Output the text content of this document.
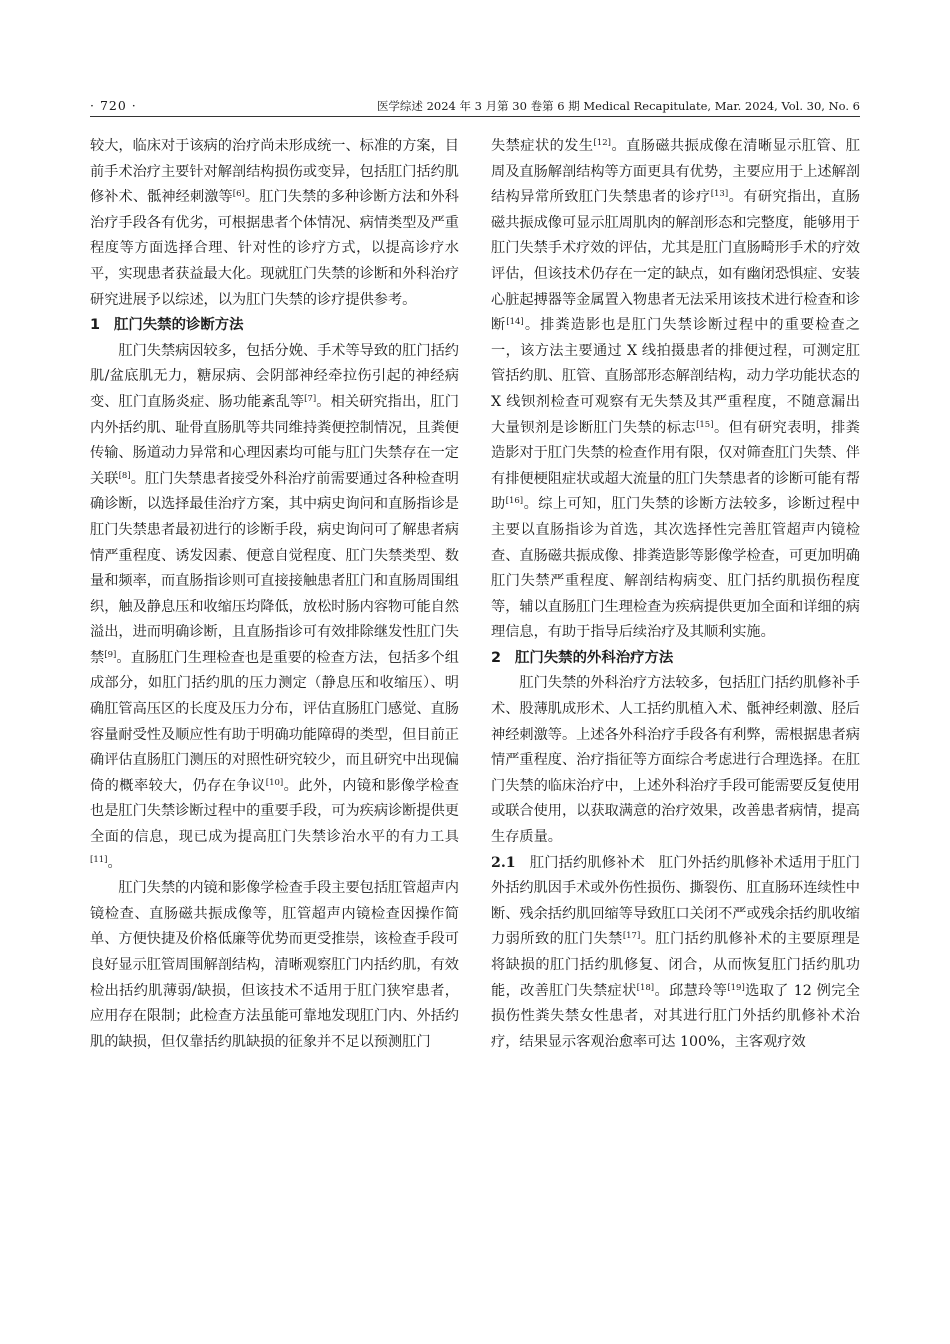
· 720 ·	医学综述 2024 年 3 月第 30 卷第 6 期 Medical Recapitulate, Mar. 2024, Vol. 30, No. 6

较大，临床对于该病的治疗尚未形成统一、标准的方案，目前手术治疗主要针对解剖结构损伤或变异，包括肛门括约肌修补术、骶神经刺激等[6]。肛门失禁的多种诊断方法和外科治疗手段各有优劣，可根据患者个体情况、病情类型及严重程度等方面选择合理、针对性的诊疗方式，以提高诊疗水平，实现患者获益最大化。现就肛门失禁的诊断和外科治疗研究进展予以综述，以为肛门失禁的诊疗提供参考。

1 肛门失禁的诊断方法

肛门失禁病因较多，包括分娩、手术等导致的肛门括约肌/盆底肌无力，糖尿病、会阴部神经牵拉伤引起的神经病变、肛门直肠炎症、肠功能紊乱等[7]。相关研究指出，肛门内外括约肌、耻骨直肠肌等共同维持粪便控制情况，且粪便传输、肠道动力异常和心理因素均可能与肛门失禁存在一定关联[8]。肛门失禁患者接受外科治疗前需要通过各种检查明确诊断，以选择最佳治疗方案，其中病史询问和直肠指诊是肛门失禁患者最初进行的诊断手段，病史询问可了解患者病情严重程度、诱发因素、便意自觉程度、肛门失禁类型、数量和频率，而直肠指诊则可直接接触患者肛门和直肠周围组织，触及静息压和收缩压均降低，放松时肠内容物可能自然溢出，进而明确诊断，且直肠指诊可有效排除继发性肛门失禁[9]。直肠肛门生理检查也是重要的检查方法，包括多个组成部分，如肛门括约肌的压力测定（静息压和收缩压）、明确肛管高压区的长度及压力分布，评估直肠肛门感觉、直肠容量耐受性及顺应性有助于明确功能障碍的类型，但目前正确评估直肠肛门测压的对照性研究较少，而且研究中出现偏倚的概率较大，仍存在争议[10]。此外，内镜和影像学检查也是肛门失禁诊断过程中的重要手段，可为疾病诊断提供更全面的信息，现已成为提高肛门失禁诊治水平的有力工具[11]。

肛门失禁的内镜和影像学检查手段主要包括肛管超声内镜检查、直肠磁共振成像等，肛管超声内镜检查因操作简单、方便快捷及价格低廉等优势而更受推崇，该检查手段可良好显示肛管周围解剖结构，清晰观察肛门内括约肌，有效检出括约肌薄弱/缺损，但该技术不适用于肛门狭窄患者，应用存在限制；此检查方法虽能可靠地发现肛门内、外括约肌的缺损，但仅靠括约肌缺损的征象并不足以预测肛门

失禁症状的发生[12]。直肠磁共振成像在清晰显示肛管、肛周及直肠解剖结构等方面更具有优势，主要应用于上述解剖结构异常所致肛门失禁患者的诊疗[13]。有研究指出，直肠磁共振成像可显示肛周肌肉的解剖形态和完整度，能够用于肛门失禁手术疗效的评估，尤其是肛门直肠畸形手术的疗效评估，但该技术仍存在一定的缺点，如有幽闭恐惧症、安装心脏起搏器等金属置入物患者无法采用该技术进行检查和诊断[14]。排粪造影也是肛门失禁诊断过程中的重要检查之一，该方法主要通过 X 线拍摄患者的排便过程，可测定肛管括约肌、肛管、直肠部形态解剖结构，动力学功能状态的 X 线钡剂检查可观察有无失禁及其严重程度，不随意漏出大量钡剂是诊断肛门失禁的标志[15]。但有研究表明，排粪造影对于肛门失禁的检查作用有限，仅对筛查肛门失禁、伴有排便梗阻症状或超大流量的肛门失禁患者的诊断可能有帮助[16]。综上可知，肛门失禁的诊断方法较多，诊断过程中主要以直肠指诊为首选，其次选择性完善肛管超声内镜检查、直肠磁共振成像、排粪造影等影像学检查，可更加明确肛门失禁严重程度、解剖结构病变、肛门括约肌损伤程度等，辅以直肠肛门生理检查为疾病提供更加全面和详细的病理信息，有助于指导后续治疗及其顺利实施。

2 肛门失禁的外科治疗方法

肛门失禁的外科治疗方法较多，包括肛门括约肌修补手术、股薄肌成形术、人工括约肌植入术、骶神经刺激、胫后神经刺激等。上述各外科治疗手段各有利弊，需根据患者病情严重程度、治疗指征等方面综合考虑进行合理选择。在肛门失禁的临床治疗中，上述外科治疗手段可能需要反复使用或联合使用，以获取满意的治疗效果，改善患者病情，提高生存质量。

2.1 肛门括约肌修补术 肛门外括约肌修补术适用于肛门外括约肌因手术或外伤性损伤、撕裂伤、肛直肠环连续性中断、残余括约肌回缩等导致肛口关闭不严或残余括约肌收缩力弱所致的肛门失禁[17]。肛门括约肌修补术的主要原理是将缺损的肛门括约肌修复、闭合，从而恢复肛门括约肌功能，改善肛门失禁症状[18]。邱慧玲等[19]选取了 12 例完全损伤性粪失禁女性患者，对其进行肛门外括约肌修补术治疗，结果显示客观治愈率可达 100%，主客观疗效
